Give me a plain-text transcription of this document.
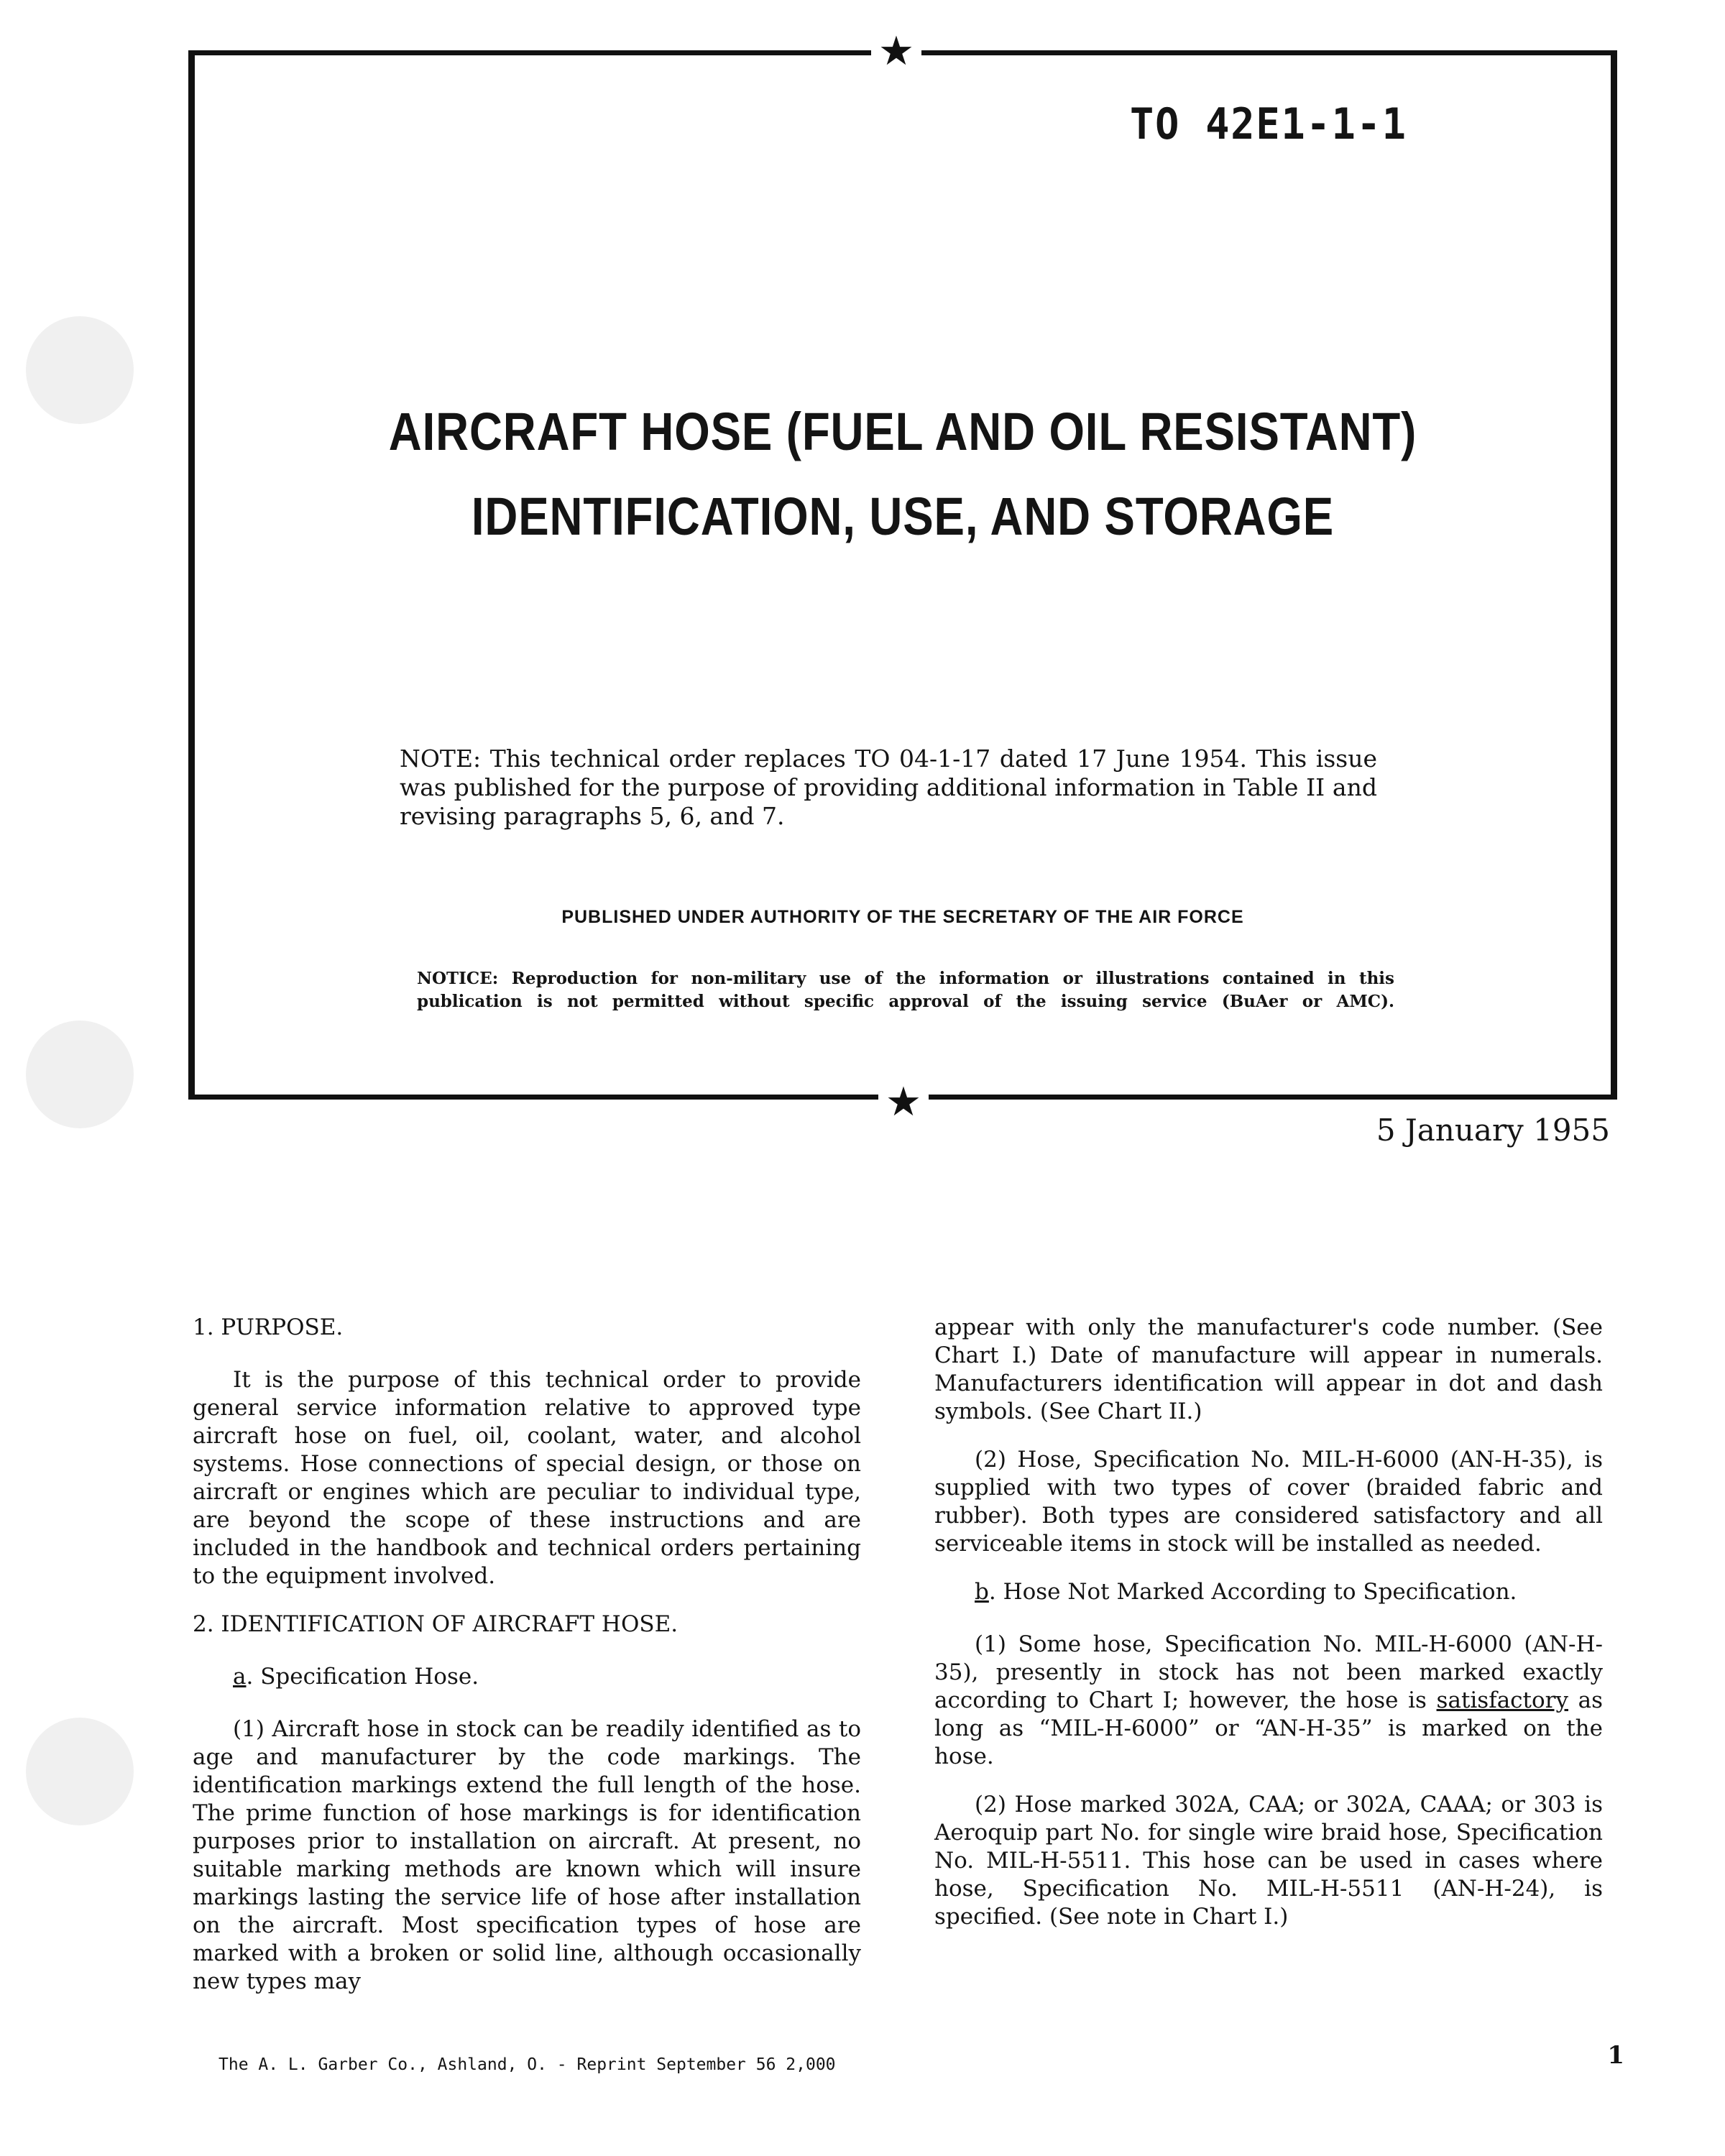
★
★
TO 42E1-1-1
AIRCRAFT HOSE (FUEL AND OIL RESISTANT)
IDENTIFICATION, USE, AND STORAGE

NOTE: This technical order replaces TO 04-1-17 dated 17 June 1954. This issue was published for the purpose of providing additional information in Table II and revising paragraphs 5, 6, and 7.

PUBLISHED UNDER AUTHORITY OF THE SECRETARY OF THE AIR FORCE
NOTICE: Reproduction for non-military use of the information or illustrations contained in this
publication is not permitted without specific approval of the issuing service (BuAer or AMC).
5 January 1955
1. PURPOSE.

It is the purpose of this technical order to provide general service information relative to approved type aircraft hose on fuel, oil, coolant, water, and alcohol systems. Hose connections of special design, or those on aircraft or engines which are peculiar to individual type, are beyond the scope of these instructions and are included in the handbook and technical orders pertaining to the equipment involved.

2. IDENTIFICATION OF AIRCRAFT HOSE.
a. Specification Hose.

(1) Aircraft hose in stock can be readily identified as to age and manufacturer by the code markings. The identification markings extend the full length of the hose. The prime function of hose markings is for identification purposes prior to installation on aircraft. At present, no suitable marking methods are known which will insure markings lasting the service life of hose after installation on the aircraft. Most specification types of hose are marked with a broken or solid line, although occasionally new types may

appear with only the manufacturer's code number. (See Chart I.) Date of manufacture will appear in numerals. Manufacturers identification will appear in dot and dash symbols. (See Chart II.)

(2) Hose, Specification No. MIL-H-6000 (AN-H-35), is supplied with two types of cover (braided fabric and rubber). Both types are considered satisfactory and all serviceable items in stock will be installed as needed.

b. Hose Not Marked According to Specification.

(1) Some hose, Specification No. MIL-H-6000 (AN-H-35), presently in stock has not been marked exactly according to Chart I; however, the hose is satisfactory as long as “MIL-H-6000” or “AN-H-35” is marked on the hose.

(2) Hose marked 302A, CAA; or 302A, CAAA; or 303 is Aeroquip part No. for single wire braid hose, Specification No. MIL-H-5511. This hose can be used in cases where hose, Specification No. MIL-H-5511 (AN-H-24), is specified. (See note in Chart I.)

The A. L. Garber Co., Ashland, O. - Reprint September 56 2,000	1
